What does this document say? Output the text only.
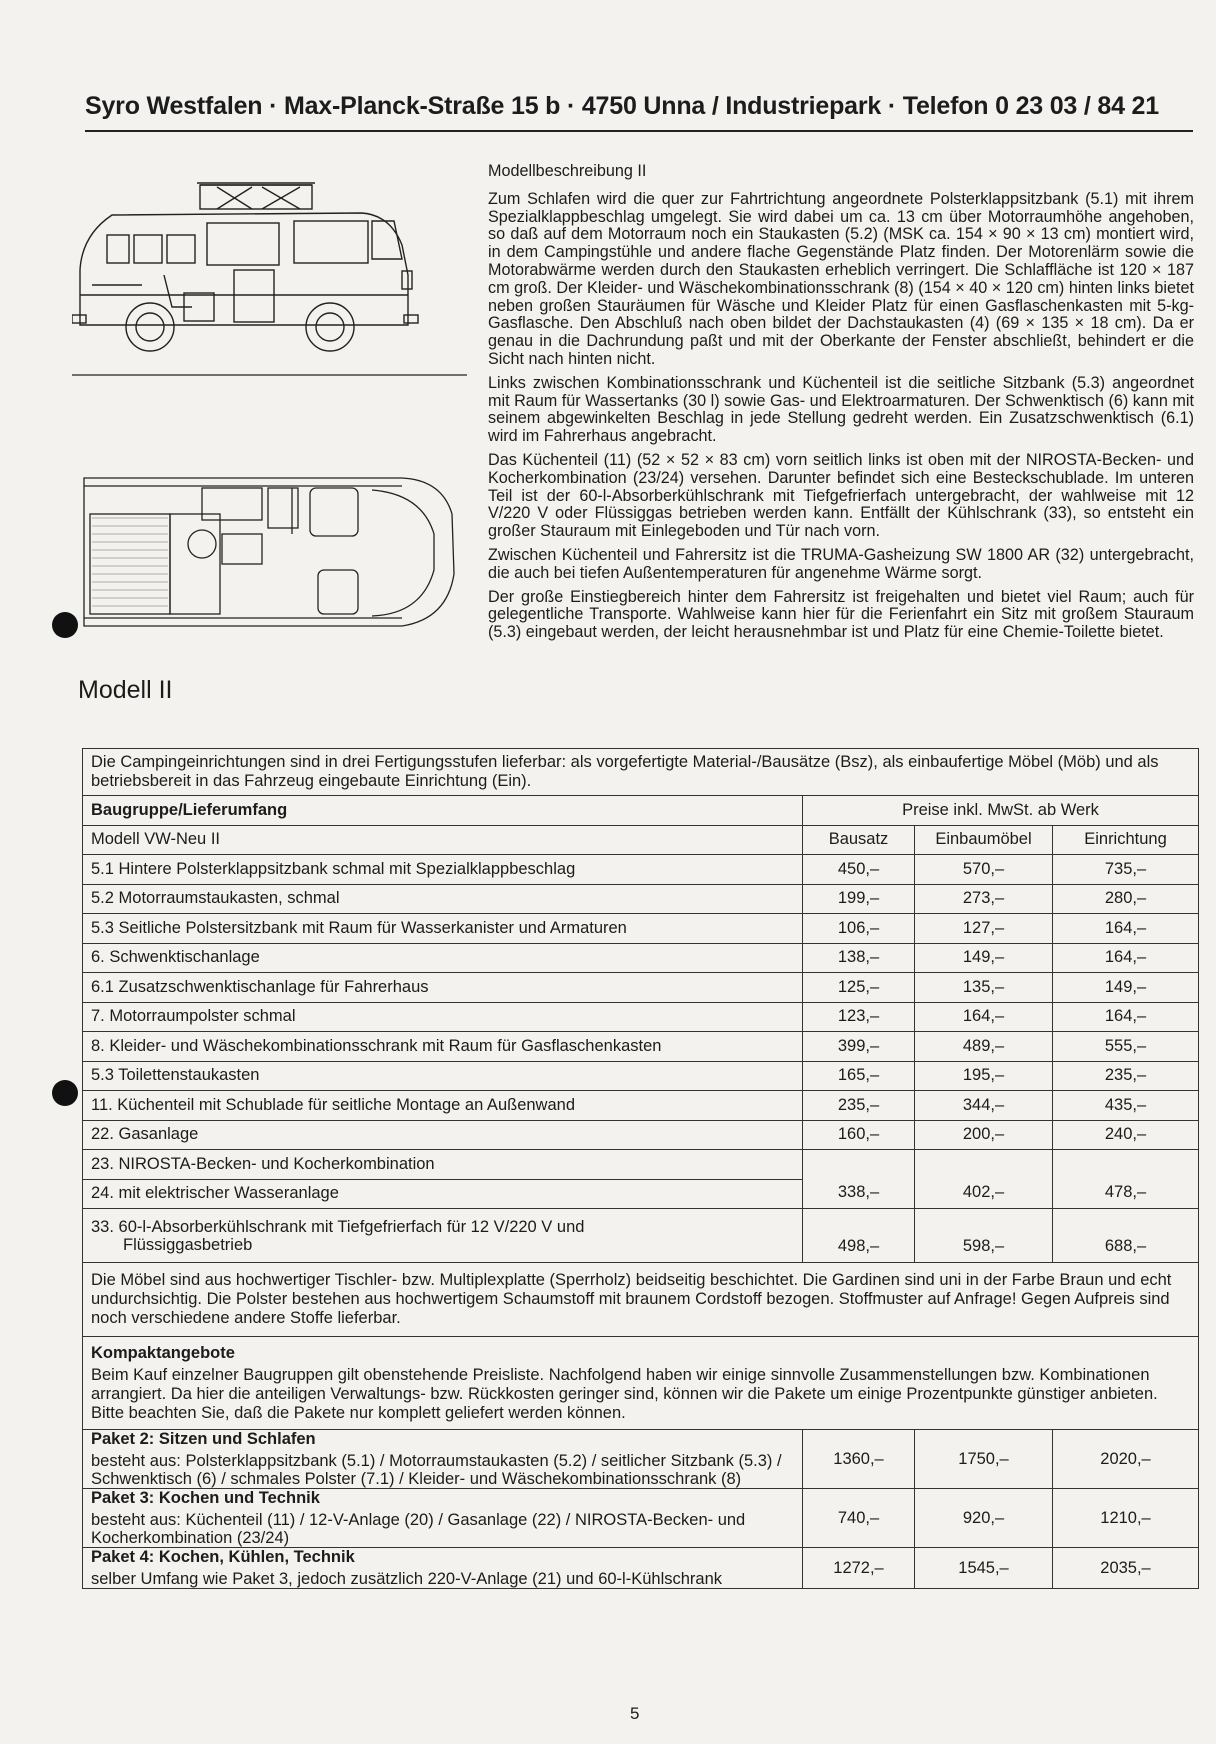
Syro Westfalen · Max-Planck-Straße 15 b · 4750 Unna / Industriepark · Telefon 0 23 03 / 84 21
Modell II
Modellbeschreibung II

Zum Schlafen wird die quer zur Fahrtrichtung angeordnete Polsterklappsitzbank (5.1) mit ihrem Spezialklappbeschlag umgelegt. Sie wird dabei um ca. 13 cm über Motorraumhöhe angehoben, so daß auf dem Motorraum noch ein Staukasten (5.2) (MSK ca. 154 × 90 × 13 cm) montiert wird, in dem Campingstühle und andere flache Gegenstände Platz finden. Der Motorenlärm sowie die Motorabwärme werden durch den Staukasten erheblich verringert. Die Schlaffläche ist 120 × 187 cm groß. Der Kleider- und Wäschekombinationsschrank (8) (154 × 40 × 120 cm) hinten links bietet neben großen Stauräumen für Wäsche und Kleider Platz für einen Gasflaschenkasten mit 5-kg-Gasflasche. Den Abschluß nach oben bildet der Dachstaukasten (4) (69 × 135 × 18 cm). Da er genau in die Dachrundung paßt und mit der Oberkante der Fenster abschließt, behindert er die Sicht nach hinten nicht.

Links zwischen Kombinationsschrank und Küchenteil ist die seitliche Sitzbank (5.3) angeordnet mit Raum für Wassertanks (30 l) sowie Gas- und Elektroarmaturen. Der Schwenktisch (6) kann mit seinem abgewinkelten Beschlag in jede Stellung gedreht werden. Ein Zusatzschwenktisch (6.1) wird im Fahrerhaus angebracht.

Das Küchenteil (11) (52 × 52 × 83 cm) vorn seitlich links ist oben mit der NIROSTA-Becken- und Kocherkombination (23/24) versehen. Darunter befindet sich eine Besteckschublade. Im unteren Teil ist der 60-l-Absorberkühlschrank mit Tiefgefrierfach untergebracht, der wahlweise mit 12 V/220 V oder Flüssiggas betrieben werden kann. Entfällt der Kühlschrank (33), so entsteht ein großer Stauraum mit Einlegeboden und Tür nach vorn.

Zwischen Küchenteil und Fahrersitz ist die TRUMA-Gasheizung SW 1800 AR (32) untergebracht, die auch bei tiefen Außentemperaturen für angenehme Wärme sorgt.

Der große Einstiegbereich hinter dem Fahrersitz ist freigehalten und bietet viel Raum; auch für gelegentliche Transporte. Wahlweise kann hier für die Ferienfahrt ein Sitz mit großem Stauraum (5.3) eingebaut werden, der leicht herausnehmbar ist und Platz für eine Chemie-Toilette bietet.

Die Campingeinrichtungen sind in drei Fertigungsstufen lieferbar: als vorgefertigte Material-/Bausätze (Bsz), als einbaufertige Möbel (Möb) und als betriebsbereit in das Fahrzeug eingebaute Einrichtung (Ein).			
Baugruppe/Lieferumfang	Preise inkl. MwSt. ab Werk		
Modell VW-Neu II	Bausatz	Einbaumöbel	Einrichtung
5.1 Hintere Polsterklappsitzbank schmal mit Spezialklappbeschlag	450,–	570,–	735,–
5.2 Motorraumstaukasten, schmal	199,–	273,–	280,–
5.3 Seitliche Polstersitzbank mit Raum für Wasserkanister und Armaturen	106,–	127,–	164,–
6. Schwenktischanlage	138,–	149,–	164,–
6.1 Zusatzschwenktischanlage für Fahrerhaus	125,–	135,–	149,–
7. Motorraumpolster schmal	123,–	164,–	164,–
8. Kleider- und Wäschekombinationsschrank mit Raum für Gasflaschenkasten	399,–	489,–	555,–
5.3 Toilettenstaukasten	165,–	195,–	235,–
11. Küchenteil mit Schublade für seitliche Montage an Außenwand	235,–	344,–	435,–
22. Gasanlage	160,–	200,–	240,–
23. NIROSTA-Becken- und Kocherkombination	338,–	402,–	478,–
24. mit elektrischer Wasseranlage			

33. 60-l-Absorberkühlschrank mit Tiefgefrierfach für 12 V/220 V und
Flüssiggasbetrieb	498,–	598,–	688,–
Die Möbel sind aus hochwertiger Tischler- bzw. Multiplexplatte (Sperrholz) beidseitig beschichtet. Die Gardinen sind uni in der Farbe Braun und echt undurchsichtig. Die Polster bestehen aus hochwertigem Schaumstoff mit braunem Cordstoff bezogen. Stoffmuster auf Anfrage! Gegen Aufpreis sind noch verschiedene andere Stoffe lieferbar.			

Kompaktangebote
Beim Kauf einzelner Baugruppen gilt obenstehende Preisliste. Nachfolgend haben wir einige sinnvolle Zusammenstellungen bzw. Kombinationen arrangiert. Da hier die anteiligen Verwaltungs- bzw. Rückkosten geringer sind, können wir die Pakete um einige Prozentpunkte günstiger anbieten. Bitte beachten Sie, daß die Pakete nur komplett geliefert werden können.			

Paket 2: Sitzen und Schlafen
besteht aus: Polsterklappsitzbank (5.1) / Motorraumstaukasten (5.2) / seitlicher Sitzbank (5.3) / Schwenktisch (6) / schmales Polster (7.1) / Kleider- und Wäschekombinationsschrank (8)	1360,–	1750,–	2020,–

Paket 3: Kochen und Technik
besteht aus: Küchenteil (11) / 12-V-Anlage (20) / Gasanlage (22) / NIROSTA-Becken- und Kocherkombination (23/24)	740,–	920,–	1210,–

Paket 4: Kochen, Kühlen, Technik
selber Umfang wie Paket 3, jedoch zusätzlich 220-V-Anlage (21) und 60-l-Kühlschrank	1272,–	1545,–	2035,–
5
